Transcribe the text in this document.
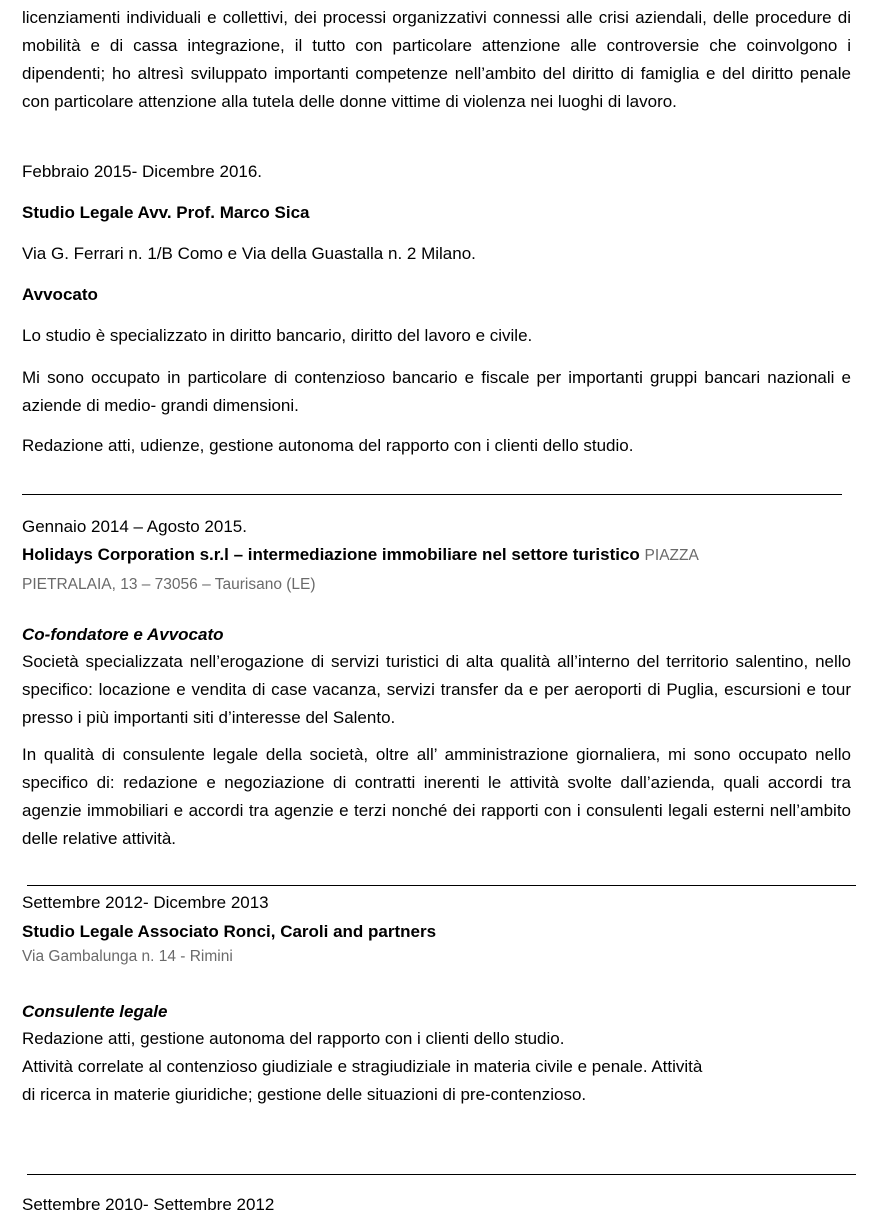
licenziamenti individuali e collettivi, dei processi organizzativi connessi alle crisi aziendali, delle procedure di mobilità e di cassa integrazione, il tutto con particolare attenzione alle controversie che coinvolgono i dipendenti; ho altresì sviluppato importanti competenze nell’ambito del diritto di famiglia e del diritto penale con particolare attenzione alla tutela delle donne vittime di violenza nei luoghi di lavoro.

Febbraio 2015- Dicembre 2016.

Studio Legale Avv. Prof. Marco Sica

Via G. Ferrari n. 1/B Como e Via della Guastalla n. 2 Milano.

Avvocato

Lo studio è specializzato in diritto bancario, diritto del lavoro e civile.

Mi sono occupato in particolare di contenzioso bancario e fiscale per importanti gruppi bancari nazionali e aziende di medio- grandi dimensioni.

Redazione atti, udienze, gestione autonoma del rapporto con i clienti dello studio.

Gennaio 2014 – Agosto 2015.

Holidays Corporation s.r.l – intermediazione immobiliare nel settore turistico PIAZZA PIETRALAIA, 13 – 73056 – Taurisano (LE)

Co-fondatore e Avvocato

Società specializzata nell’erogazione di servizi turistici di alta qualità all’interno del territorio salentino, nello specifico: locazione e vendita di case vacanza, servizi transfer da e per aeroporti di Puglia, escursioni e tour presso i più importanti siti d’interesse del Salento.

In qualità di consulente legale della società, oltre all’ amministrazione giornaliera, mi sono occupato nello specifico di: redazione e negoziazione di contratti inerenti le attività svolte dall’azienda, quali accordi tra agenzie immobiliari e accordi tra agenzie e terzi nonché dei rapporti con i consulenti legali esterni nell’ambito delle relative attività.

Settembre 2012- Dicembre 2013

Studio Legale Associato Ronci, Caroli and partners

Via Gambalunga n. 14 - Rimini

Consulente legale

Redazione atti, gestione autonoma del rapporto con i clienti dello studio.

Attività correlate al contenzioso giudiziale e stragiudiziale in materia civile e penale. Attività

di ricerca in materie giuridiche; gestione delle situazioni di pre-contenzioso.

Settembre 2010- Settembre 2012
